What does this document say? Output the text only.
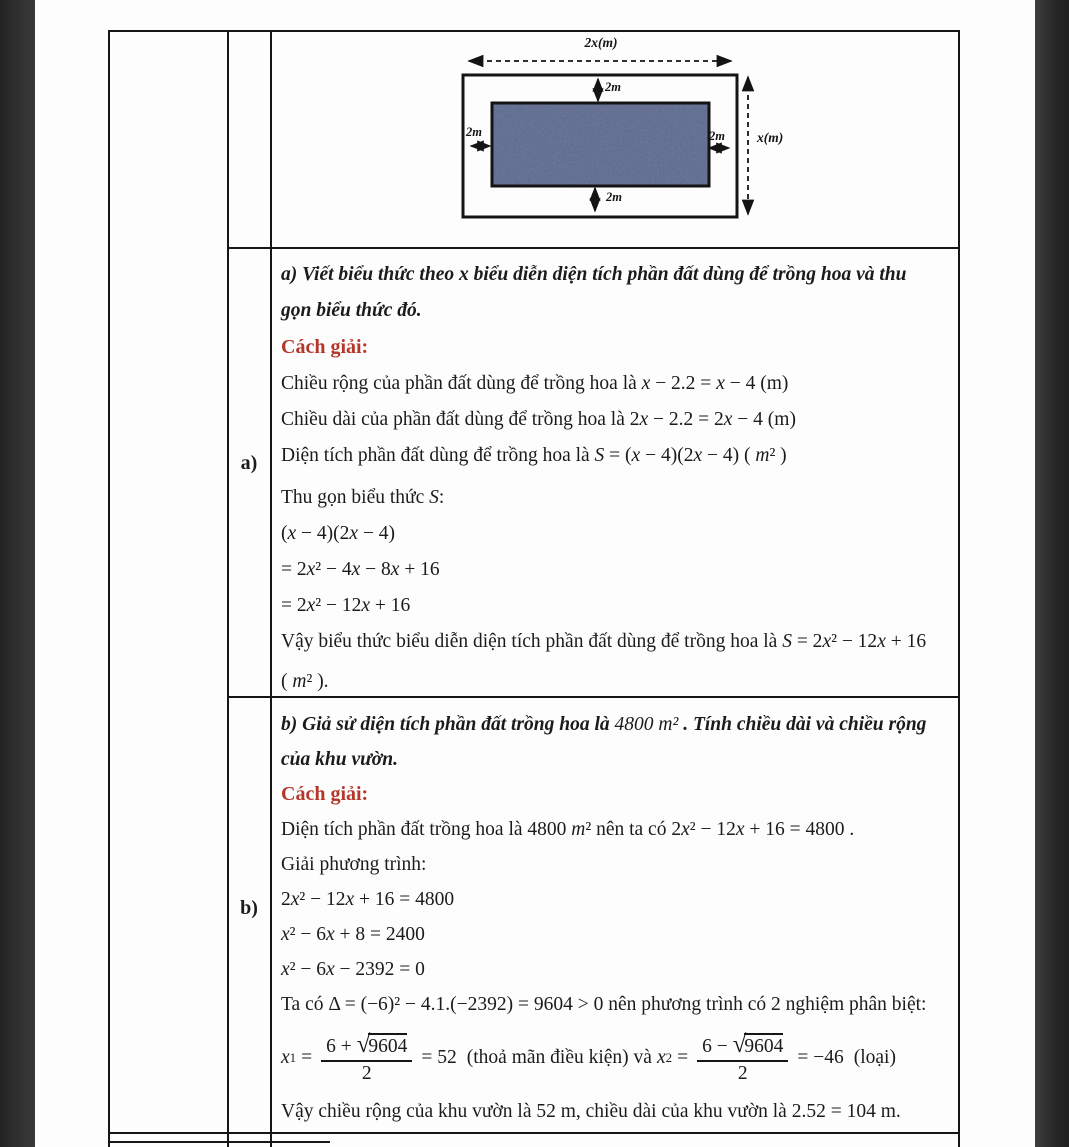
a)
b)
2x(m)
2m
2m	2m
2m
x(m)
a) Viết biểu thức theo x biểu diễn diện tích phần đất dùng để trồng hoa và thu
gọn biểu thức đó.
Cách giải:
Chiều rộng của phần đất dùng để trồng hoa là x − 2.2 = x − 4 (m)
Chiều dài của phần đất dùng để trồng hoa là 2x − 2.2 = 2x − 4 (m)
Diện tích phần đất dùng để trồng hoa là S = (x − 4)(2x − 4) ( m² )
Thu gọn biểu thức S:
(x − 4)(2x − 4)
= 2x² − 4x − 8x + 16
= 2x² − 12x + 16
Vậy biểu thức biểu diễn diện tích phần đất dùng để trồng hoa là S = 2x² − 12x + 16
( m² ).
b) Giả sử diện tích phần đất trồng hoa là 4800 m² . Tính chiều dài và chiều rộng
của khu vườn.
Cách giải:
Diện tích phần đất trồng hoa là 4800 m² nên ta có 2x² − 12x + 16 = 4800 .
Giải phương trình:
2x² − 12x + 16 = 4800
x² − 6x + 8 = 2400
x² − 6x − 2392 = 0
Ta có Δ = (−6)² − 4.1.(−2392) = 9604 > 0 nên phương trình có 2 nghiệm phân biệt:
x $1 = \frac{6 + √9604}{2} = 52$ (thoả mãn điều kiện) và x $2 = \frac{6 - √9604}{2} = -46$ (loại)
Vậy chiều rộng của khu vườn là 52 m, chiều dài của khu vườn là 2.52 = 104 m.
